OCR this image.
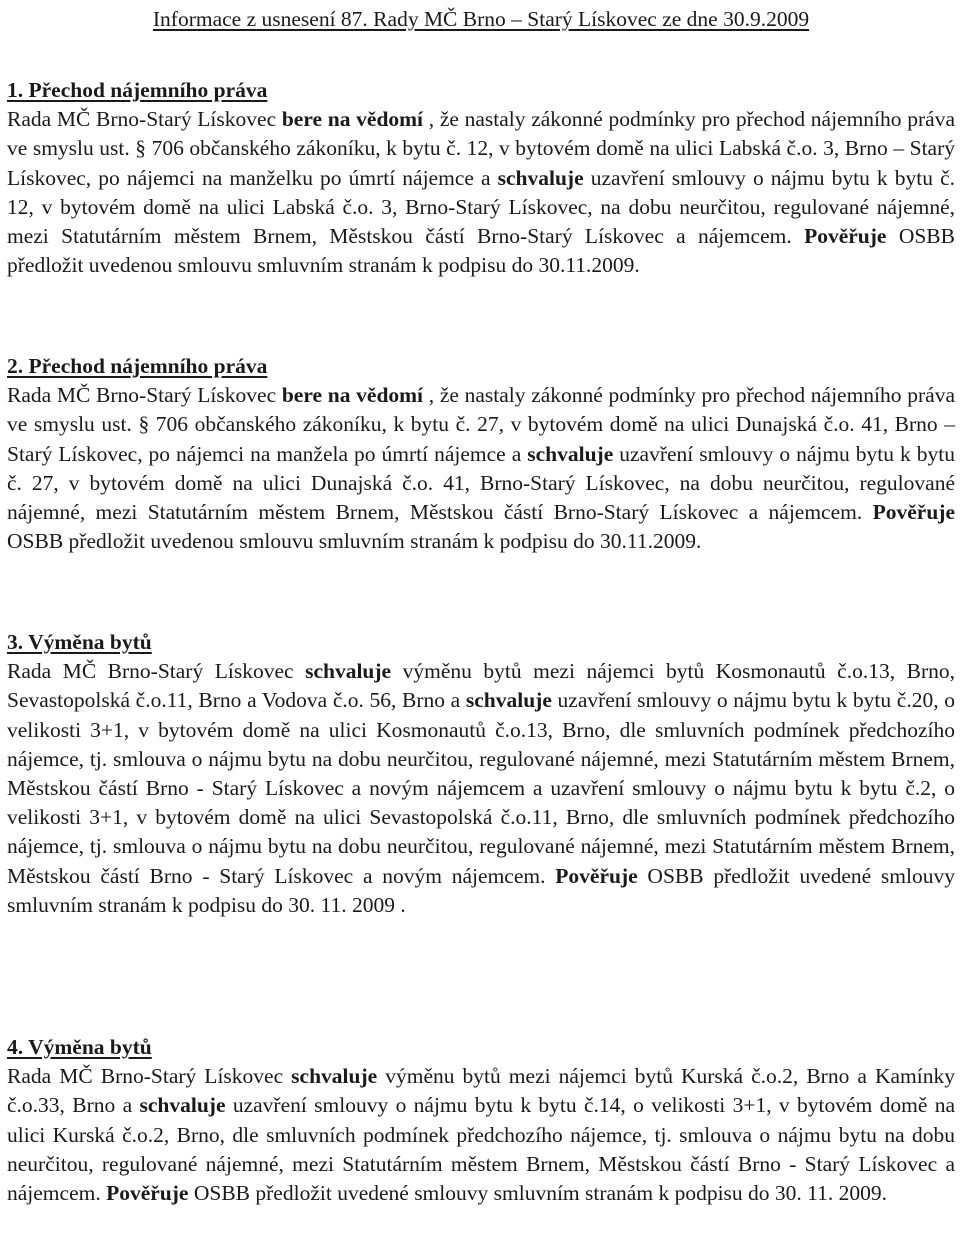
Informace z usnesení 87. Rady MČ Brno – Starý Lískovec ze dne 30.9.2009

1. Přechod nájemního práva

Rada MČ Brno-Starý Lískovec bere na vědomí , že nastaly zákonné podmínky pro přechod nájemního práva ve smyslu ust. § 706 občanského zákoníku, k bytu č. 12, v bytovém domě na ulici Labská č.o. 3, Brno – Starý Lískovec, po nájemci na manželku po úmrtí nájemce a schvaluje uzavření smlouvy o nájmu bytu k bytu č. 12, v bytovém domě na ulici Labská č.o. 3, Brno-Starý Lískovec, na dobu neurčitou, regulované nájemné, mezi Statutárním městem Brnem, Městskou částí Brno-Starý Lískovec a nájemcem. Pověřuje OSBB předložit uvedenou smlouvu smluvním stranám k podpisu do 30.11.2009.

2. Přechod nájemního práva

Rada MČ Brno-Starý Lískovec bere na vědomí , že nastaly zákonné podmínky pro přechod nájemního práva ve smyslu ust. § 706 občanského zákoníku, k bytu č. 27, v bytovém domě na ulici Dunajská č.o. 41, Brno – Starý Lískovec, po nájemci na manžela po úmrtí nájemce a schvaluje uzavření smlouvy o nájmu bytu k bytu č. 27, v bytovém domě na ulici Dunajská č.o. 41, Brno-Starý Lískovec, na dobu neurčitou, regulované nájemné, mezi Statutárním městem Brnem, Městskou částí Brno-Starý Lískovec a nájemcem. Pověřuje OSBB předložit uvedenou smlouvu smluvním stranám k podpisu do 30.11.2009.

3. Výměna bytů

Rada MČ Brno-Starý Lískovec schvaluje výměnu bytů mezi nájemci bytů Kosmonautů č.o.13, Brno, Sevastopolská č.o.11, Brno a Vodova č.o. 56, Brno a schvaluje uzavření smlouvy o nájmu bytu k bytu č.20, o velikosti 3+1, v bytovém domě na ulici Kosmonautů č.o.13, Brno, dle smluvních podmínek předchozího nájemce, tj. smlouva o nájmu bytu na dobu neurčitou, regulované nájemné, mezi Statutárním městem Brnem, Městskou částí Brno - Starý Lískovec a novým nájemcem a uzavření smlouvy o nájmu bytu k bytu č.2, o velikosti 3+1, v bytovém domě na ulici Sevastopolská č.o.11, Brno, dle smluvních podmínek předchozího nájemce, tj. smlouva o nájmu bytu na dobu neurčitou, regulované nájemné, mezi Statutárním městem Brnem, Městskou částí Brno - Starý Lískovec a novým nájemcem. Pověřuje OSBB předložit uvedené smlouvy smluvním stranám k podpisu do 30. 11. 2009 .

4. Výměna bytů

Rada MČ Brno-Starý Lískovec schvaluje výměnu bytů mezi nájemci bytů Kurská č.o.2, Brno a Kamínky č.o.33, Brno a schvaluje uzavření smlouvy o nájmu bytu k bytu č.14, o velikosti 3+1, v bytovém domě na ulici Kurská č.o.2, Brno, dle smluvních podmínek předchozího nájemce, tj. smlouva o nájmu bytu na dobu neurčitou, regulované nájemné, mezi Statutárním městem Brnem, Městskou částí Brno - Starý Lískovec a nájemcem. Pověřuje OSBB předložit uvedené smlouvy smluvním stranám k podpisu do 30. 11. 2009.
